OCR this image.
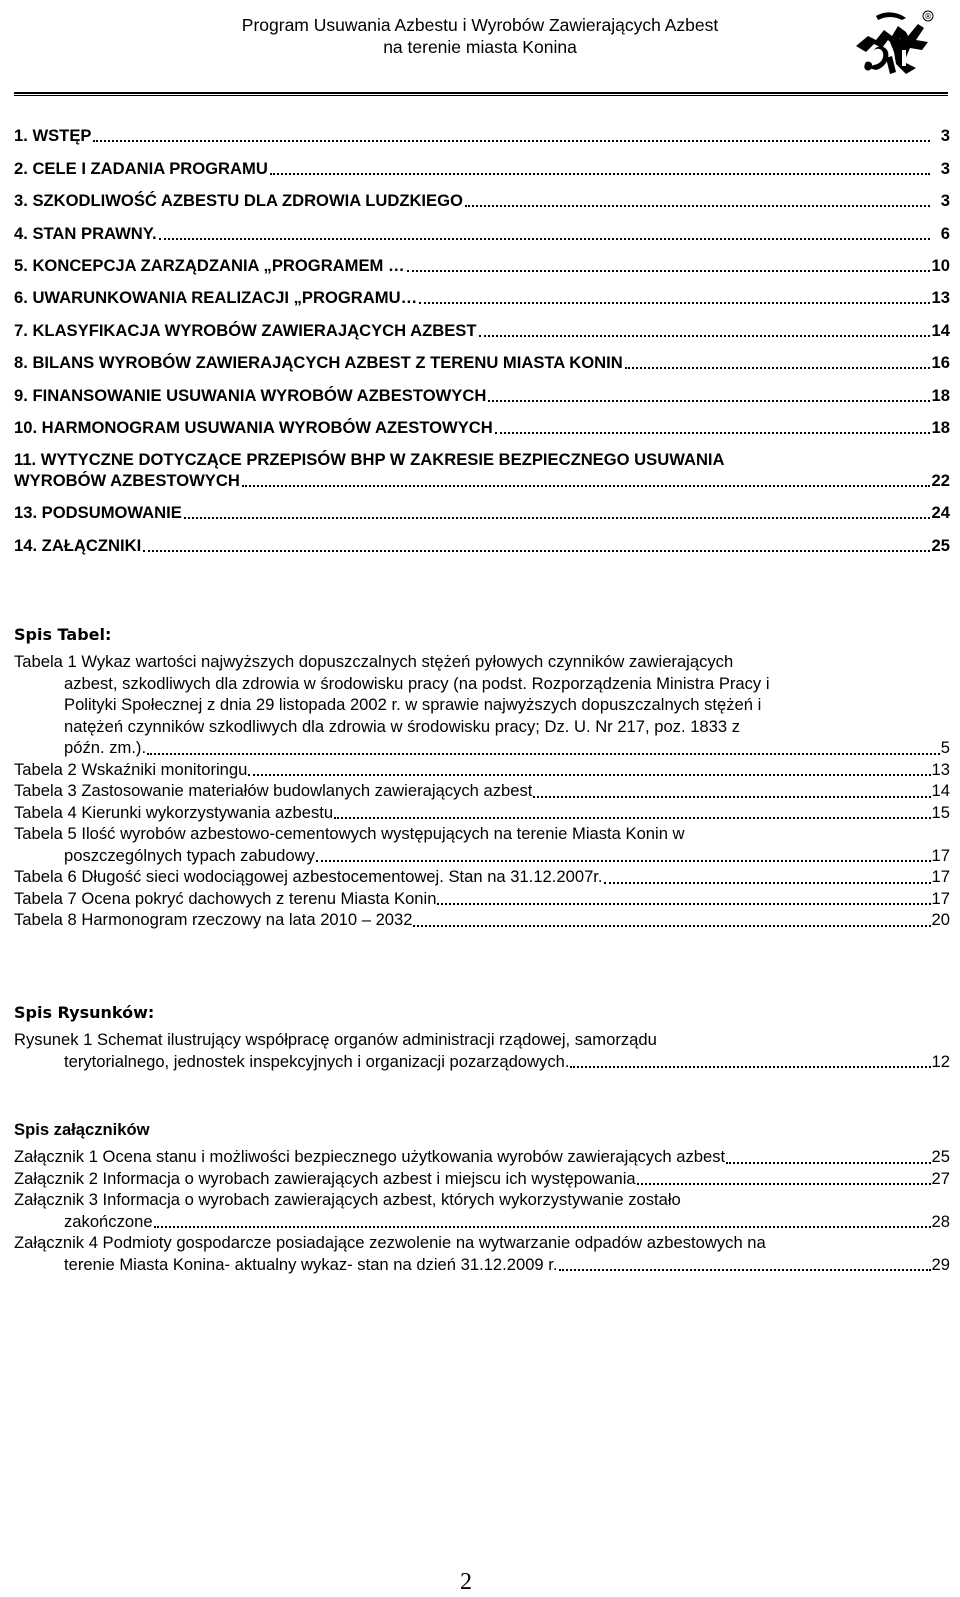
Program Usuwania Azbestu i Wyrobów Zawierających Azbest
na terenie miasta Konina
®
1. WSTĘP	3
2. CELE I ZADANIA PROGRAMU	3
3. SZKODLIWOŚĆ AZBESTU DLA ZDROWIA LUDZKIEGO	3
4. STAN PRAWNY.	6
5. KONCEPCJA ZARZĄDZANIA „PROGRAMEM …	10
6. UWARUNKOWANIA REALIZACJI „PROGRAMU…	13
7. KLASYFIKACJA WYROBÓW ZAWIERAJĄCYCH AZBEST	14
8. BILANS WYROBÓW ZAWIERAJĄCYCH AZBEST Z TERENU MIASTA KONIN	16
9. FINANSOWANIE USUWANIA WYROBÓW AZBESTOWYCH	18
10. HARMONOGRAM USUWANIA WYROBÓW AZESTOWYCH	18
11. WYTYCZNE DOTYCZĄCE PRZEPISÓW BHP W ZAKRESIE BEZPIECZNEGO USUWANIA
WYROBÓW AZBESTOWYCH	22
13. PODSUMOWANIE	24
14. ZAŁĄCZNIKI	25
Spis Tabel:
Tabela 1 Wykaz wartości najwyższych dopuszczalnych stężeń pyłowych czynników zawierających
azbest, szkodliwych dla zdrowia w środowisku pracy (na podst. Rozporządzenia Ministra Pracy i
Polityki Społecznej z dnia 29 listopada 2002 r. w sprawie najwyższych dopuszczalnych stężeń i
natężeń czynników szkodliwych dla zdrowia w środowisku pracy; Dz. U. Nr 217, poz. 1833 z
późn. zm.).	5
Tabela 2 Wskaźniki monitoringu	13
Tabela 3 Zastosowanie materiałów budowlanych zawierających azbest	14
Tabela 4 Kierunki wykorzystywania azbestu	15
Tabela 5 Ilość wyrobów azbestowo-cementowych występujących na terenie Miasta Konin w
poszczególnych typach zabudowy	17
Tabela 6 Długość sieci wodociągowej azbestocementowej. Stan na 31.12.2007r.	17
Tabela 7 Ocena pokryć dachowych z terenu Miasta Konin	17
Tabela 8 Harmonogram rzeczowy na lata 2010 – 2032	20
Spis Rysunków:
Rysunek 1 Schemat ilustrujący współpracę organów administracji rządowej, samorządu
terytorialnego, jednostek inspekcyjnych i organizacji pozarządowych.	12
Spis załączników
Załącznik 1 Ocena stanu i możliwości bezpiecznego użytkowania wyrobów zawierających azbest	25
Załącznik 2 Informacja o wyrobach zawierających azbest i miejscu ich występowania	27
Załącznik 3 Informacja o wyrobach zawierających azbest, których wykorzystywanie zostało
zakończone	28
Załącznik 4 Podmioty gospodarcze posiadające zezwolenie na wytwarzanie odpadów azbestowych na
terenie Miasta Konina- aktualny wykaz- stan na dzień 31.12.2009 r.	29
2
